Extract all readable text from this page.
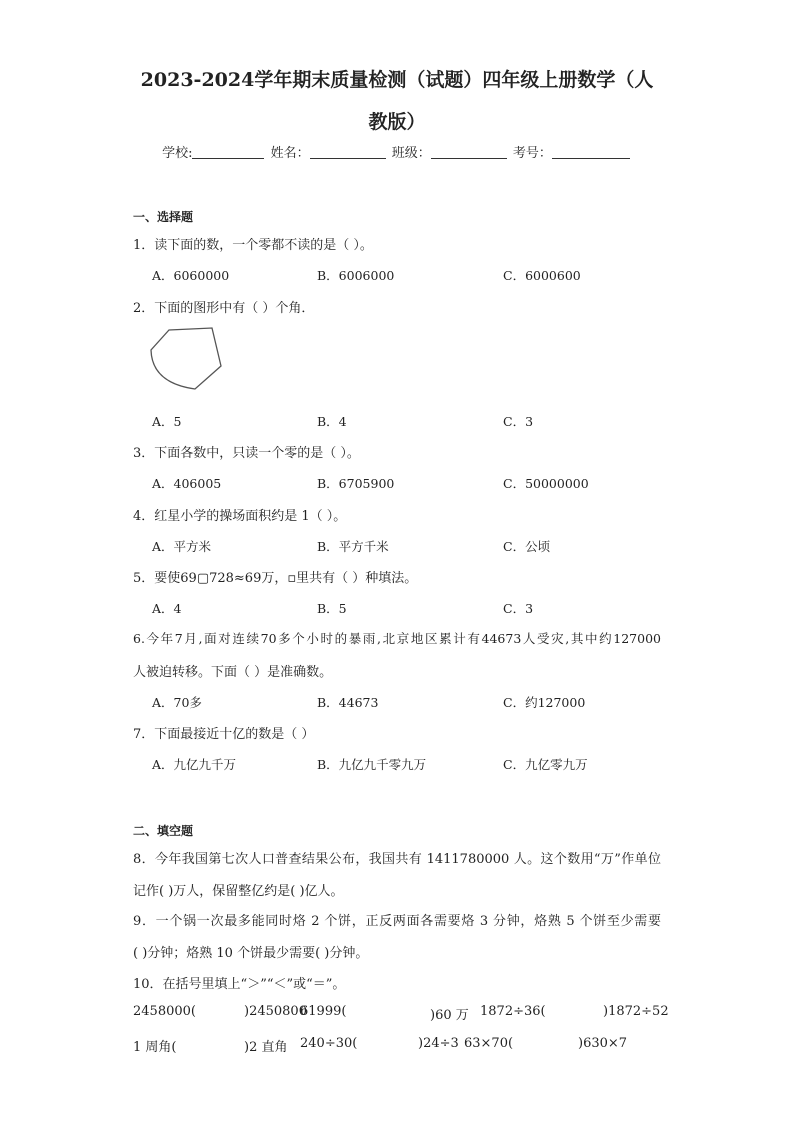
2023-2024学年期末质量检测（试题）四年级上册数学（人
教版）
学校:	姓名：	班级：	考号：
一、选择题
1．读下面的数，一个零都不读的是（ ）。
A．6060000	B．6006000	C．6000600
2．下面的图形中有（ ）个角．
A．5	B．4	C．3
3．下面各数中，只读一个零的是（ ）。
A．406005	B．6705900	C．50000000
4．红星小学的操场面积约是 1（ ）。
A．平方米	B．平方千米	C．公顷
5．要使69▢728≈69万，▫里共有（ ）种填法。
A．4	B．5	C．3
6.今年7月,面对连续70多个小时的暴雨,北京地区累计有44673人受灾,其中约127000
人被迫转移。下面（ ）是准确数。
A．70多	B．44673	C．约127000
7．下面最接近十亿的数是（ ）
A．九亿九千万	B．九亿九千零九万	C．九亿零九万
二、填空题
8．今年我国第七次人口普查结果公布，我国共有 1411780000 人。这个数用“万”作单位
记作( )万人，保留整亿约是( )亿人。
9．一个锅一次最多能同时烙 2 个饼，正反两面各需要烙 3 分钟，烙熟 5 个饼至少需要
( )分钟；烙熟 10 个饼最少需要( )分钟。
10．在括号里填上“＞”“＜”或“＝”。
2458000(	)2450800
61999(	)60 万 1872÷36(	)1872÷52
1 周角(	)2 直角 240÷30(	)24÷3 63×70(	)630×7
